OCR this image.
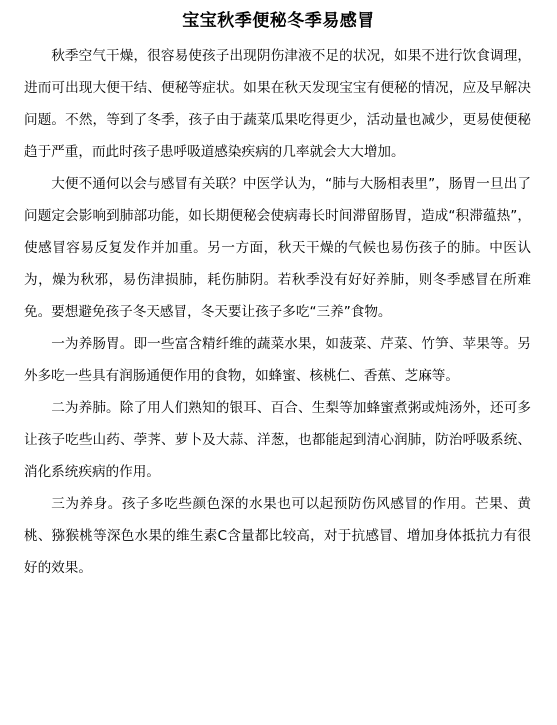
宝宝秋季便秘冬季易感冒

秋季空气干燥，很容易使孩子出现阴伤津液不足的状况，如果不进行饮食调理，进而可出现大便干结、便秘等症状。如果在秋天发现宝宝有便秘的情况，应及早解决问题。不然，等到了冬季，孩子由于蔬菜瓜果吃得更少，活动量也减少，更易使便秘趋于严重，而此时孩子患呼吸道感染疾病的几率就会大大增加。

大便不通何以会与感冒有关联？中医学认为，“肺与大肠相表里”，肠胃一旦出了问题定会影响到肺部功能，如长期便秘会使病毒长时间滞留肠胃，造成“积滞蕴热”，使感冒容易反复发作并加重。另一方面，秋天干燥的气候也易伤孩子的肺。中医认为，燥为秋邪，易伤津损肺，耗伤肺阴。若秋季没有好好养肺，则冬季感冒在所难免。要想避免孩子冬天感冒，冬天要让孩子多吃“三养”食物。

一为养肠胃。即一些富含精纤维的蔬菜水果，如菠菜、芹菜、竹笋、苹果等。另外多吃一些具有润肠通便作用的食物，如蜂蜜、核桃仁、香蕉、芝麻等。

二为养肺。除了用人们熟知的银耳、百合、生梨等加蜂蜜煮粥或炖汤外，还可多让孩子吃些山药、荸荠、萝卜及大蒜、洋葱，也都能起到清心润肺，防治呼吸系统、消化系统疾病的作用。

三为养身。孩子多吃些颜色深的水果也可以起预防伤风感冒的作用。芒果、黄桃、猕猴桃等深色水果的维生素C含量都比较高，对于抗感冒、增加身体抵抗力有很好的效果。
